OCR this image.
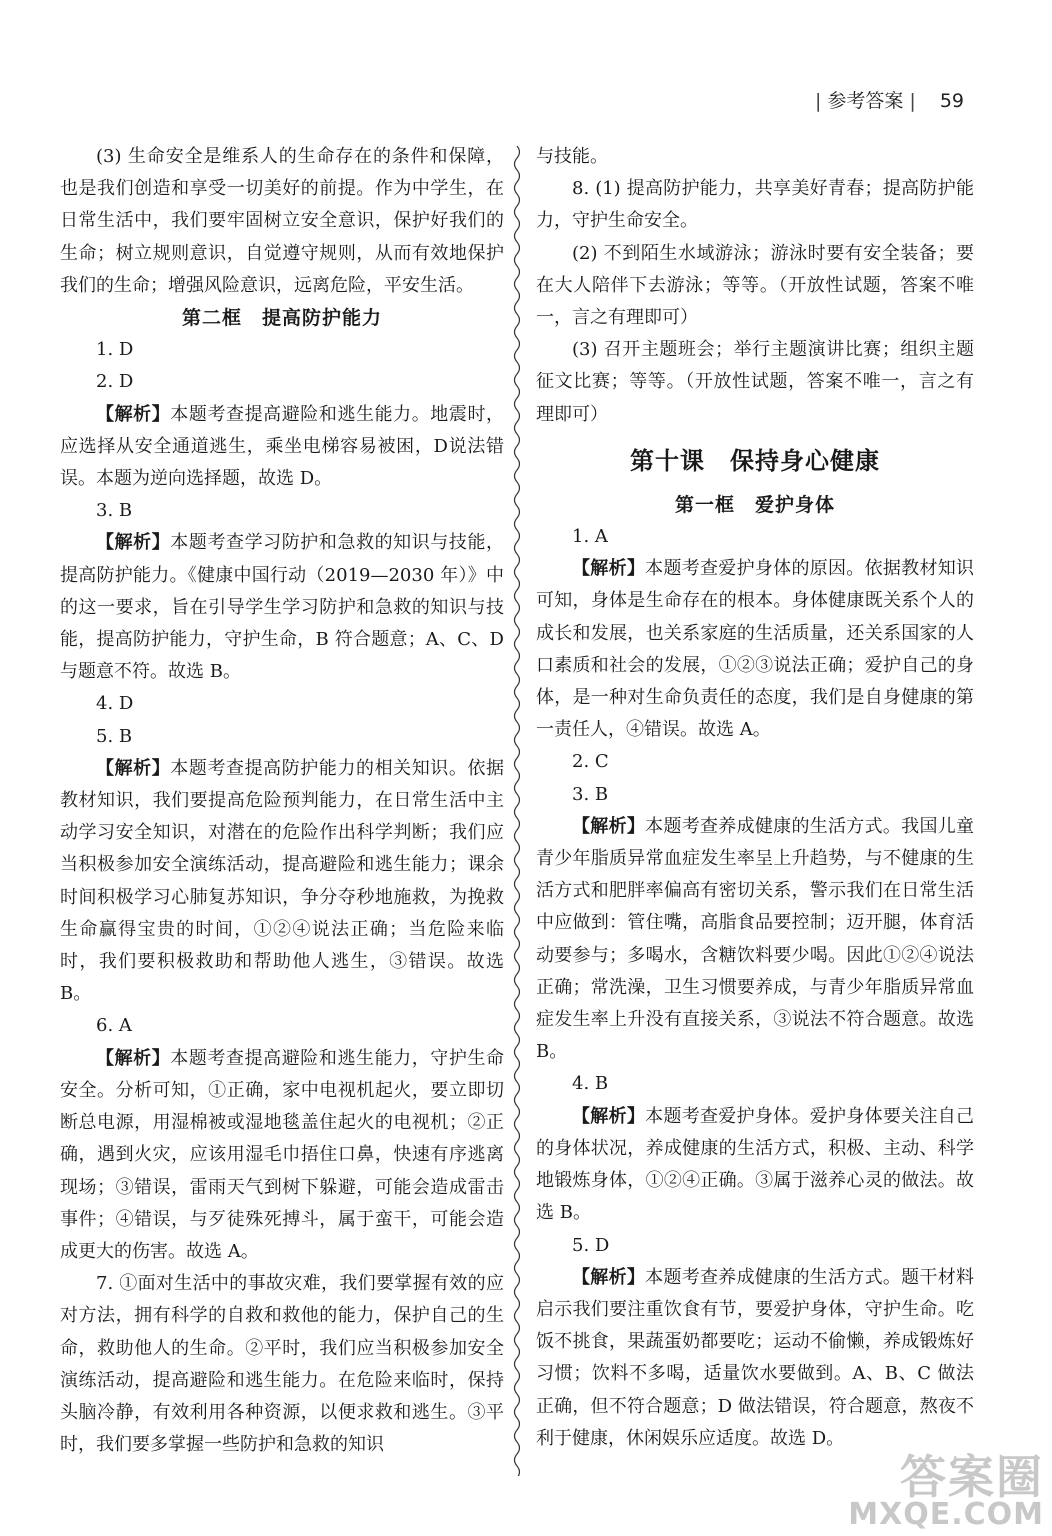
| 参考答案 | 59

(3) 生命安全是维系人的生命存在的条件和保障，也是我们创造和享受一切美好的前提。作为中学生，在日常生活中，我们要牢固树立安全意识，保护好我们的生命；树立规则意识，自觉遵守规则，从而有效地保护我们的生命；增强风险意识，远离危险，平安生活。

第二框　提高防护能力

1. D

2. D

【解析】本题考查提高避险和逃生能力。地震时，应选择从安全通道逃生，乘坐电梯容易被困，D说法错误。本题为逆向选择题，故选 D。

3. B

【解析】本题考查学习防护和急救的知识与技能，提高防护能力。《健康中国行动（2019—2030 年）》中的这一要求，旨在引导学生学习防护和急救的知识与技能，提高防护能力，守护生命，B 符合题意；A、C、D 与题意不符。故选 B。

4. D

5. B

【解析】本题考查提高防护能力的相关知识。依据教材知识，我们要提高危险预判能力，在日常生活中主动学习安全知识，对潜在的危险作出科学判断；我们应当积极参加安全演练活动，提高避险和逃生能力；课余时间积极学习心肺复苏知识，争分夺秒地施救，为挽救生命赢得宝贵的时间，①②④说法正确；当危险来临时，我们要积极救助和帮助他人逃生，③错误。故选 B。

6. A

【解析】本题考查提高避险和逃生能力，守护生命安全。分析可知，①正确，家中电视机起火，要立即切断总电源，用湿棉被或湿地毯盖住起火的电视机；②正确，遇到火灾，应该用湿毛巾捂住口鼻，快速有序逃离现场；③错误，雷雨天气到树下躲避，可能会造成雷击事件；④错误，与歹徒殊死搏斗，属于蛮干，可能会造成更大的伤害。故选 A。

7. ①面对生活中的事故灾难，我们要掌握有效的应对方法，拥有科学的自救和救他的能力，保护自己的生命，救助他人的生命。②平时，我们应当积极参加安全演练活动，提高避险和逃生能力。在危险来临时，保持头脑冷静，有效利用各种资源，以便求救和逃生。③平时，我们要多掌握一些防护和急救的知识

与技能。

8. (1) 提高防护能力，共享美好青春；提高防护能力，守护生命安全。

(2) 不到陌生水域游泳；游泳时要有安全装备；要在大人陪伴下去游泳；等等。（开放性试题，答案不唯一，言之有理即可）

(3) 召开主题班会；举行主题演讲比赛；组织主题征文比赛；等等。（开放性试题，答案不唯一，言之有理即可）

第十课　保持身心健康

第一框　爱护身体

1. A

【解析】本题考查爱护身体的原因。依据教材知识可知，身体是生命存在的根本。身体健康既关系个人的成长和发展，也关系家庭的生活质量，还关系国家的人口素质和社会的发展，①②③说法正确；爱护自己的身体，是一种对生命负责任的态度，我们是自身健康的第一责任人，④错误。故选 A。

2. C

3. B

【解析】本题考查养成健康的生活方式。我国儿童青少年脂质异常血症发生率呈上升趋势，与不健康的生活方式和肥胖率偏高有密切关系，警示我们在日常生活中应做到：管住嘴，高脂食品要控制；迈开腿，体育活动要参与；多喝水，含糖饮料要少喝。因此①②④说法正确；常洗澡，卫生习惯要养成，与青少年脂质异常血症发生率上升没有直接关系，③说法不符合题意。故选 B。

4. B

【解析】本题考查爱护身体。爱护身体要关注自己的身体状况，养成健康的生活方式，积极、主动、科学地锻炼身体，①②④正确。③属于滋养心灵的做法。故选 B。

5. D

【解析】本题考查养成健康的生活方式。题干材料启示我们要注重饮食有节，要爱护身体，守护生命。吃饭不挑食，果蔬蛋奶都要吃；运动不偷懒，养成锻炼好习惯；饮料不多喝，适量饮水要做到。A、B、C 做法正确，但不符合题意；D 做法错误，符合题意，熬夜不利于健康，休闲娱乐应适度。故选 D。

答案圈
MXQE.COM
